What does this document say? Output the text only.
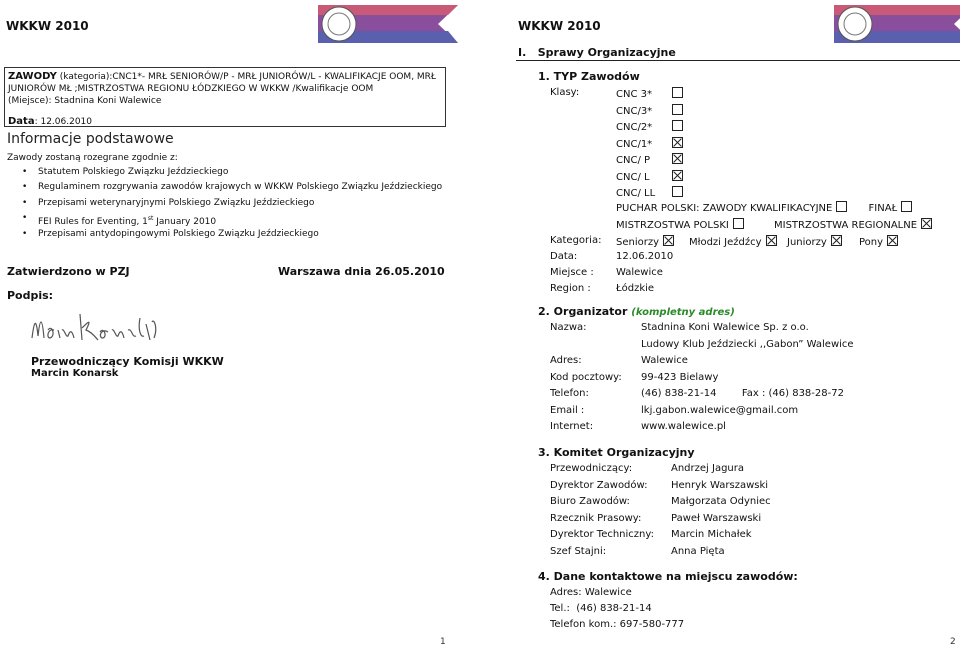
WKKW 2010
ZAWODY (kategoria):CNC1*- MRŁ SENIORÓW/P - MRŁ JUNIORÓW/L - KWALIFIKACJE OOM, MRŁ
JUNIORÓW MŁ ;MISTRZOSTWA REGIONU ŁÓDZKIEGO W WKKW /Kwalifikacje OOM
(Miejsce): Stadnina Koni Walewice
Data: 12.06.2010
Informacje podstawowe
Zawody zostaną rozegrane zgodnie z:
• Statutem Polskiego Związku Jeździeckiego
• Regulaminem rozgrywania zawodów krajowych w WKKW Polskiego Związku Jeździeckiego
• Przepisami weterynaryjnymi Polskiego Związku Jeździeckiego
• FEI Rules for Eventing, 1st January 2010
• Przepisami antydopingowymi Polskiego Związku Jeździeckiego
Zatwierdzono w PZJ	Warszawa dnia 26.05.2010
Podpis:
Przewodniczący Komisji WKKW
Marcin Konarsk
1
WKKW 2010
I.   Sprawy Organizacyjne
1. TYP Zawodów
Klasy:	CNC 3*
CNC/3*
CNC/2*
CNC/1*
CNC/ P
CNC/ L
CNC/ LL
PUCHAR POLSKI: ZAWODY KWALIFIKACYJNE	FINAŁ
MISTRZOSTWA POLSKI	MISTRZOSTWA REGIONALNE
Kategoria: Seniorzy	Młodzi Jeźdźcy	Juniorzy	Pony
Data:	12.06.2010
Miejsce : Walewice
Region :	Łódzkie
2. Organizator (kompletny adres)
Nazwa:	Stadnina Koni Walewice Sp. z o.o.
Ludowy Klub Jeździecki ,,Gabon” Walewice
Adres:	Walewice
Kod pocztowy: 99-423 Bielawy
Telefon:	(46) 838-21-14        Fax : (46) 838-28-72
Email :	lkj.gabon.walewice@gmail.com
Internet:	www.walewice.pl
3. Komitet Organizacyjny
Przewodniczący:	Andrzej Jagura
Dyrektor Zawodów: Henryk Warszawski
Biuro Zawodów:	Małgorzata Odyniec
Rzecznik Prasowy:	Paweł Warszawski
Dyrektor Techniczny: Marcin Michałek
Szef Stajni:	Anna Pięta
4. Dane kontaktowe na miejscu zawodów:
Adres: Walewice
Tel.:  (46) 838-21-14
Telefon kom.: 697-580-777
2
